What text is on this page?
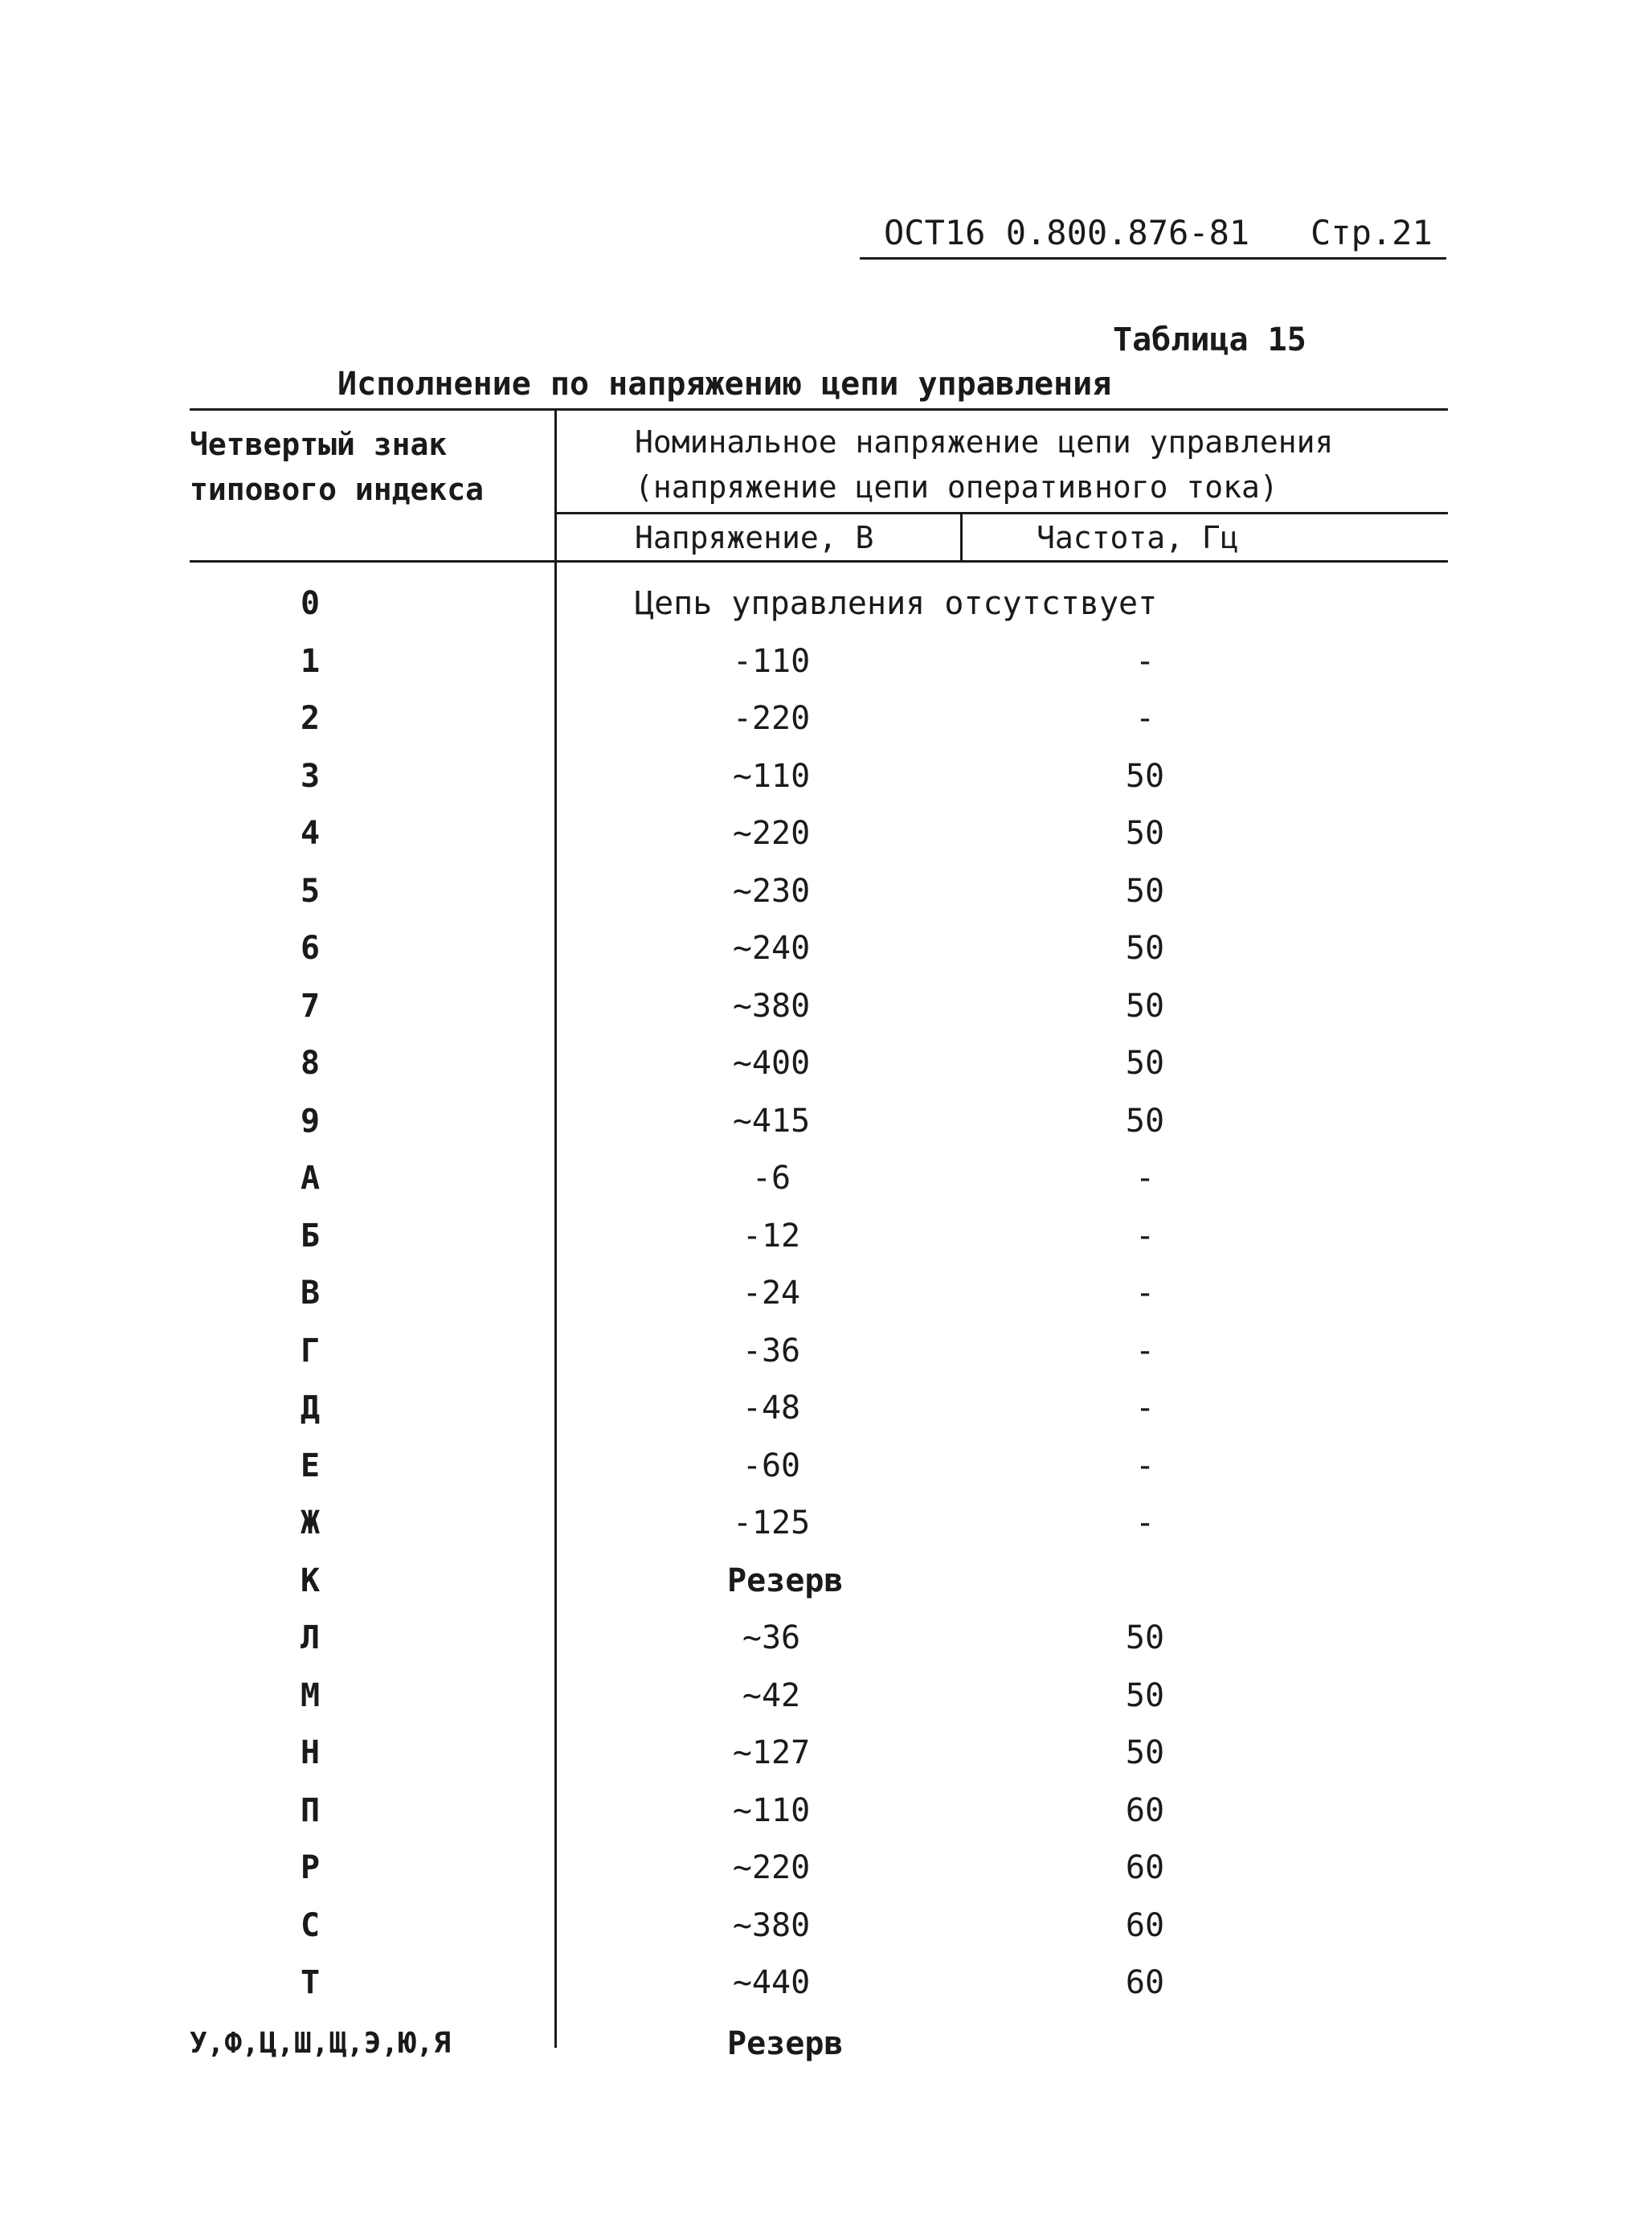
ОСТ16 0.800.876-81   Стр.21
Таблица 15
Исполнение по напряжению цепи управления
Четвертый знак
типового индекса
Номинальное напряжение цепи управления
(напряжение цепи оперативного тока)
Напряжение, В	Частота, Гц
0	Цепь управления отсутствует
1	-110	-
2	-220	-
3	~110	50
4	~220	50
5	~230	50
6	~240	50
7	~380	50
8	~400	50
9	~415	50
А	-6	-
Б	-12	-
В	-24	-
Г	-36	-
Д	-48	-
Е	-60	-
Ж	-125	-
К	Резерв
Л	~36	50
М	~42	50
Н	~127	50
П	~110	60
Р	~220	60
С	~380	60
Т	~440	60
У,Ф,Ц,Ш,Щ,Э,Ю,Я	Резерв
